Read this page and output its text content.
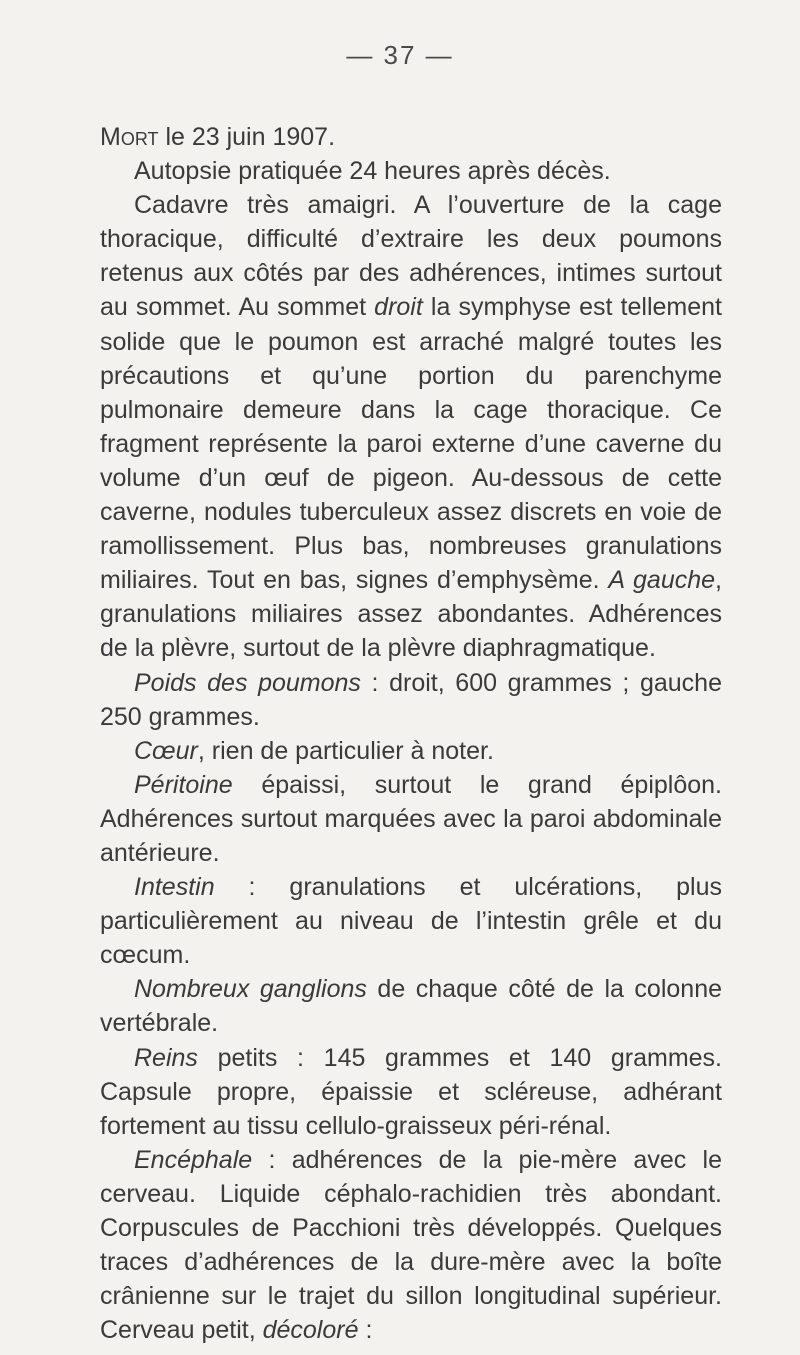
— 37 —

Mort le 23 juin 1907.

Autopsie pratiquée 24 heures après décès.

Cadavre très amaigri. A l’ouverture de la cage thoracique, difficulté d’extraire les deux poumons retenus aux côtés par des adhérences, intimes surtout au sommet. Au sommet droit la symphyse est tellement solide que le poumon est arraché malgré toutes les précautions et qu’une portion du parenchyme pulmonaire demeure dans la cage thoracique. Ce fragment représente la paroi externe d’une caverne du volume d’un œuf de pigeon. Au-dessous de cette caverne, nodules tuberculeux assez discrets en voie de ramollissement. Plus bas, nombreuses granulations miliaires. Tout en bas, signes d’emphysème. A gauche, granulations miliaires assez abondantes. Adhérences de la plèvre, surtout de la plèvre diaphragmatique.

Poids des poumons : droit, 600 grammes ; gauche 250 grammes.

Cœur, rien de particulier à noter.

Péritoine épaissi, surtout le grand épiplôon. Adhérences surtout marquées avec la paroi abdominale antérieure.

Intestin : granulations et ulcérations, plus particulièrement au niveau de l’intestin grêle et du cœcum.

Nombreux ganglions de chaque côté de la colonne vertébrale.

Reins petits : 145 grammes et 140 grammes. Capsule propre, épaissie et scléreuse, adhérant fortement au tissu cellulo-graisseux péri-rénal.

Encéphale : adhérences de la pie-mère avec le cerveau. Liquide céphalo-rachidien très abondant. Corpuscules de Pacchioni très développés. Quelques traces d’adhérences de la dure-mère avec la boîte crânienne sur le trajet du sillon longitudinal supérieur. Cerveau petit, décoloré :
